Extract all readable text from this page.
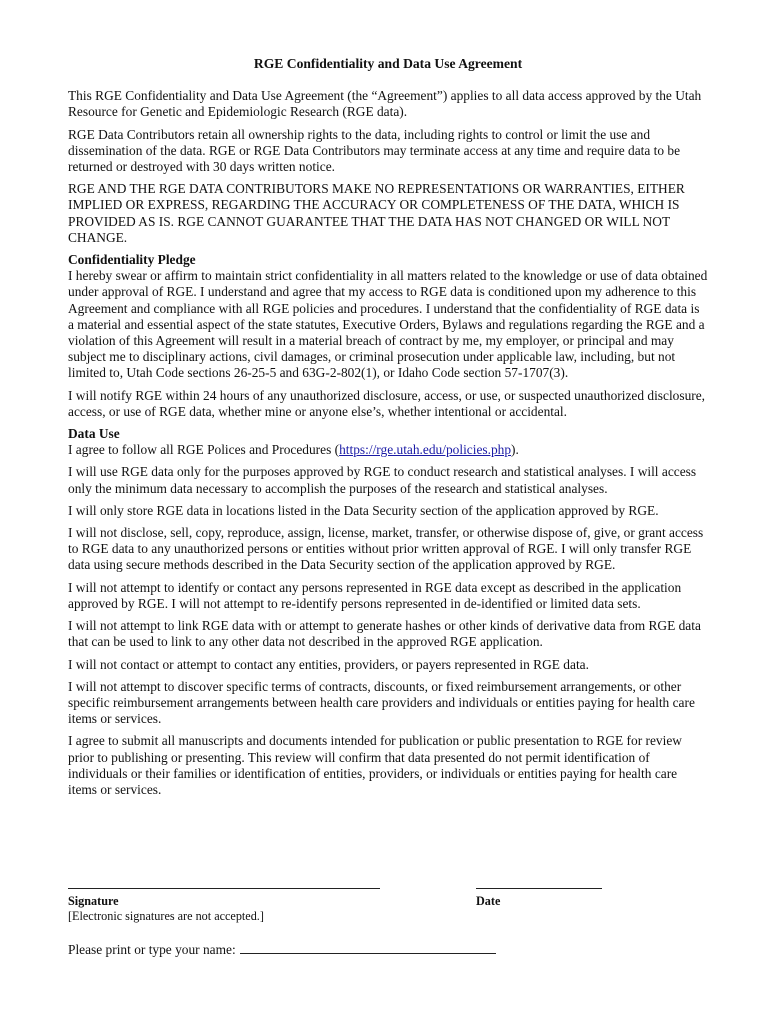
RGE Confidentiality and Data Use Agreement

This RGE Confidentiality and Data Use Agreement (the “Agreement”) applies to all data access approved by the Utah Resource for Genetic and Epidemiologic Research (RGE data).

RGE Data Contributors retain all ownership rights to the data, including rights to control or limit the use and dissemination of the data. RGE or RGE Data Contributors may terminate access at any time and require data to be returned or destroyed with 30 days written notice.

RGE AND THE RGE DATA CONTRIBUTORS MAKE NO REPRESENTATIONS OR WARRANTIES, EITHER IMPLIED OR EXPRESS, REGARDING THE ACCURACY OR COMPLETENESS OF THE DATA, WHICH IS PROVIDED AS IS. RGE CANNOT GUARANTEE THAT THE DATA HAS NOT CHANGED OR WILL NOT CHANGE.

Confidentiality Pledge

I hereby swear or affirm to maintain strict confidentiality in all matters related to the knowledge or use of data obtained under approval of RGE. I understand and agree that my access to RGE data is conditioned upon my adherence to this Agreement and compliance with all RGE policies and procedures. I understand that the confidentiality of RGE data is a material and essential aspect of the state statutes, Executive Orders, Bylaws and regulations regarding the RGE and a violation of this Agreement will result in a material breach of contract by me, my employer, or principal and may subject me to disciplinary actions, civil damages, or criminal prosecution under applicable law, including, but not limited to, Utah Code sections 26-25-5 and 63G-2-802(1), or Idaho Code section 57-1707(3).

I will notify RGE within 24 hours of any unauthorized disclosure, access, or use, or suspected unauthorized disclosure, access, or use of RGE data, whether mine or anyone else’s, whether intentional or accidental.

Data Use

I agree to follow all RGE Polices and Procedures (https://rge.utah.edu/policies.php).

I will use RGE data only for the purposes approved by RGE to conduct research and statistical analyses. I will access only the minimum data necessary to accomplish the purposes of the research and statistical analyses.

I will only store RGE data in locations listed in the Data Security section of the application approved by RGE.

I will not disclose, sell, copy, reproduce, assign, license, market, transfer, or otherwise dispose of, give, or grant access to RGE data to any unauthorized persons or entities without prior written approval of RGE. I will only transfer RGE data using secure methods described in the Data Security section of the application approved by RGE.

I will not attempt to identify or contact any persons represented in RGE data except as described in the application approved by RGE. I will not attempt to re-identify persons represented in de-identified or limited data sets.

I will not attempt to link RGE data with or attempt to generate hashes or other kinds of derivative data from RGE data that can be used to link to any other data not described in the approved RGE application.

I will not contact or attempt to contact any entities, providers, or payers represented in RGE data.

I will not attempt to discover specific terms of contracts, discounts, or fixed reimbursement arrangements, or other specific reimbursement arrangements between health care providers and individuals or entities paying for health care items or services.

I agree to submit all manuscripts and documents intended for publication or public presentation to RGE for review prior to publishing or presenting. This review will confirm that data presented do not permit identification of individuals or their families or identification of entities, providers, or individuals or entities paying for health care items or services.

Signature
[Electronic signatures are not accepted.]
Date
Please print or type your name:
